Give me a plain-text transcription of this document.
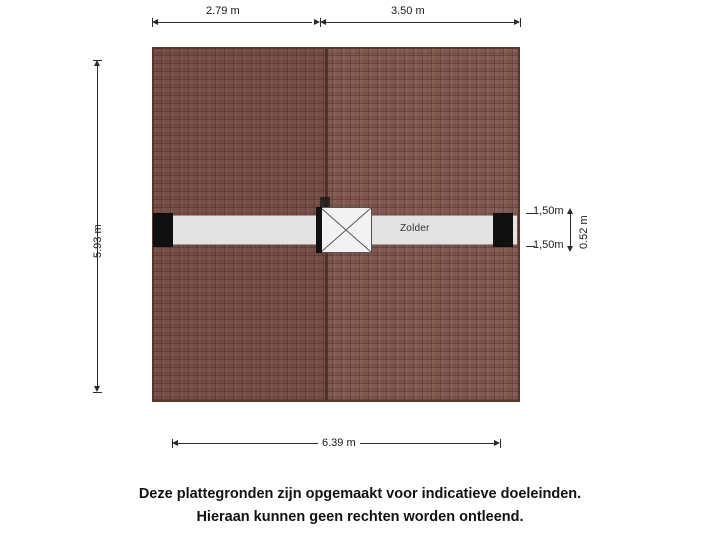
2.79 m	3.50 m
5.93 m	Zolder
1,50m
1,50m 0.52 m
6.39 m
Deze plattegronden zijn opgemaakt voor indicatieve doeleinden.
Hieraan kunnen geen rechten worden ontleend.
